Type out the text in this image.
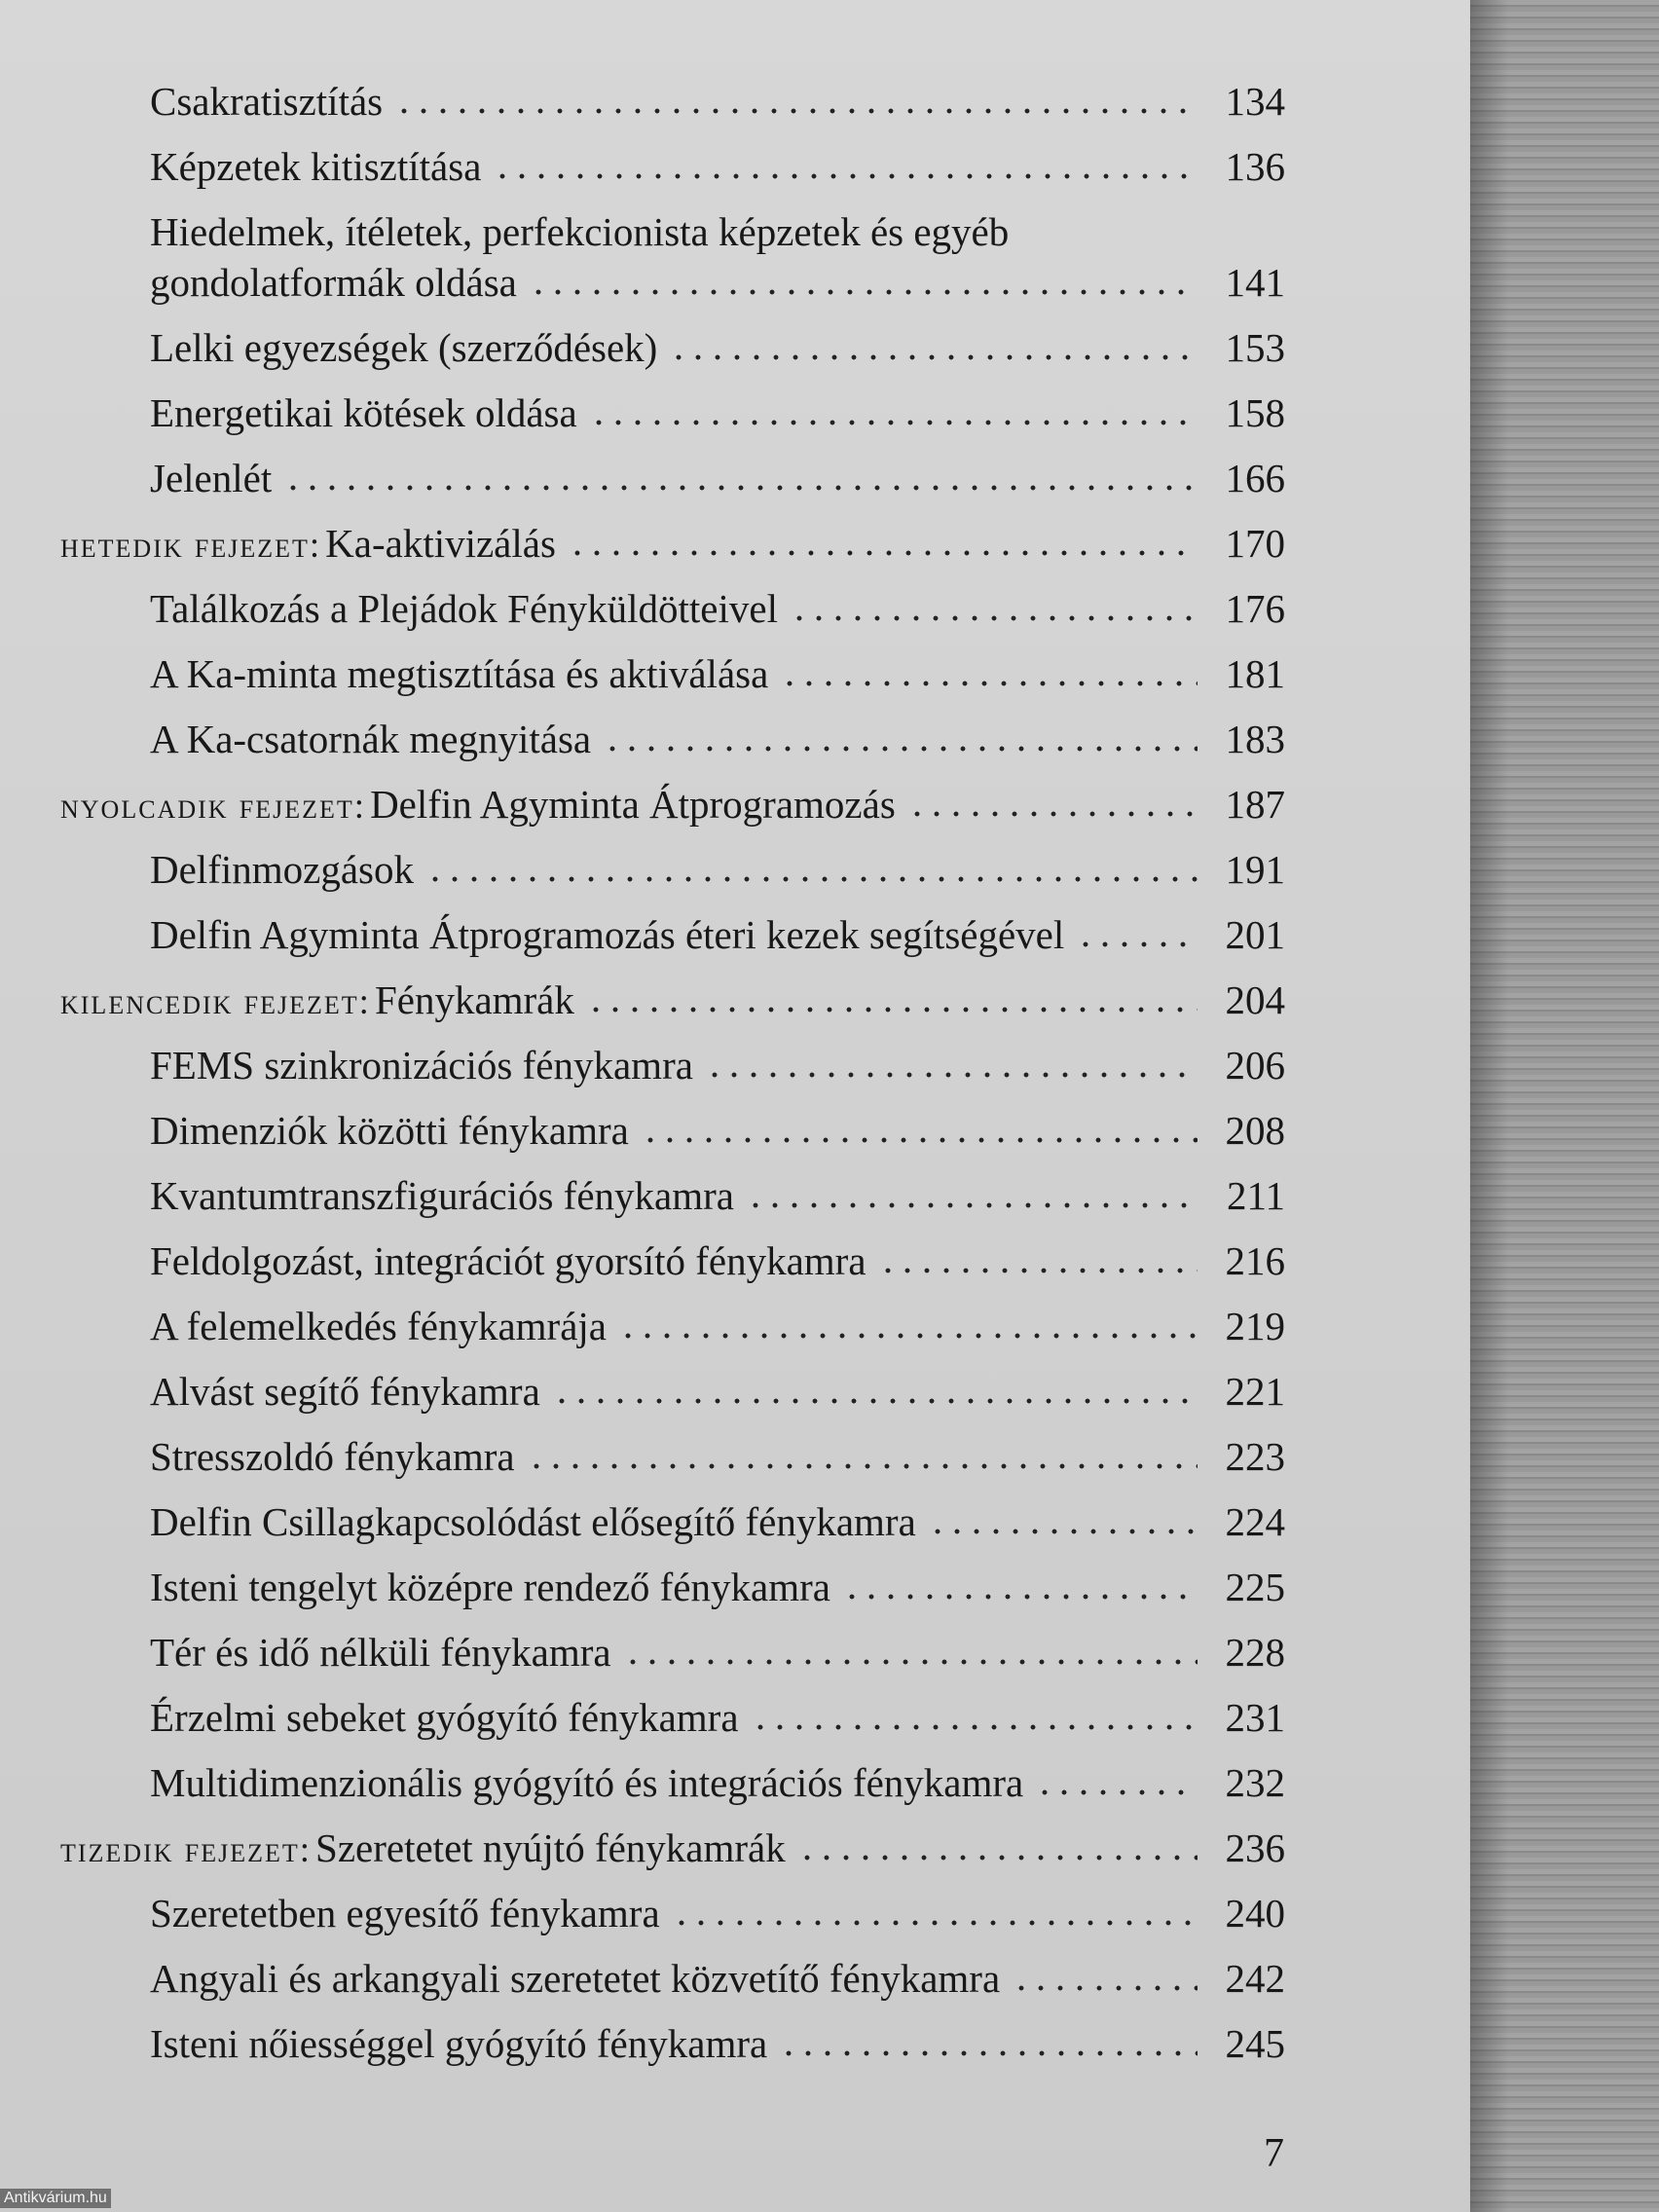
Csakratisztítás	134
Képzetek kitisztítása	136
Hiedelmek, ítéletek, perfekcionista képzetek és egyéb
gondolatformák oldása	141
Lelki egyezségek (szerződések)	153
Energetikai kötések oldása	158
Jelenlét	166
hetedik fejezet: Ka-aktivizálás	170
Találkozás a Plejádok Fényküldötteivel	176
A Ka-minta megtisztítása és aktiválása	181
A Ka-csatornák megnyitása	183
nyolcadik fejezet: Delfin Agyminta Átprogramozás	187
Delfinmozgások	191
Delfin Agyminta Átprogramozás éteri kezek segítségével	201
kilencedik fejezet: Fénykamrák	204
FEMS szinkronizációs fénykamra	206
Dimenziók közötti fénykamra	208
Kvantumtranszfigurációs fénykamra	211
Feldolgozást, integrációt gyorsító fénykamra	216
A felemelkedés fénykamrája	219
Alvást segítő fénykamra	221
Stresszoldó fénykamra	223
Delfin Csillagkapcsolódást elősegítő fénykamra	224
Isteni tengelyt középre rendező fénykamra	225
Tér és idő nélküli fénykamra	228
Érzelmi sebeket gyógyító fénykamra	231
Multidimenzionális gyógyító és integrációs fénykamra	232
tizedik fejezet: Szeretetet nyújtó fénykamrák	236
Szeretetben egyesítő fénykamra	240
Angyali és arkangyali szeretetet közvetítő fénykamra	242
Isteni nőiességgel gyógyító fénykamra	245
7
Antikvárium.hu
